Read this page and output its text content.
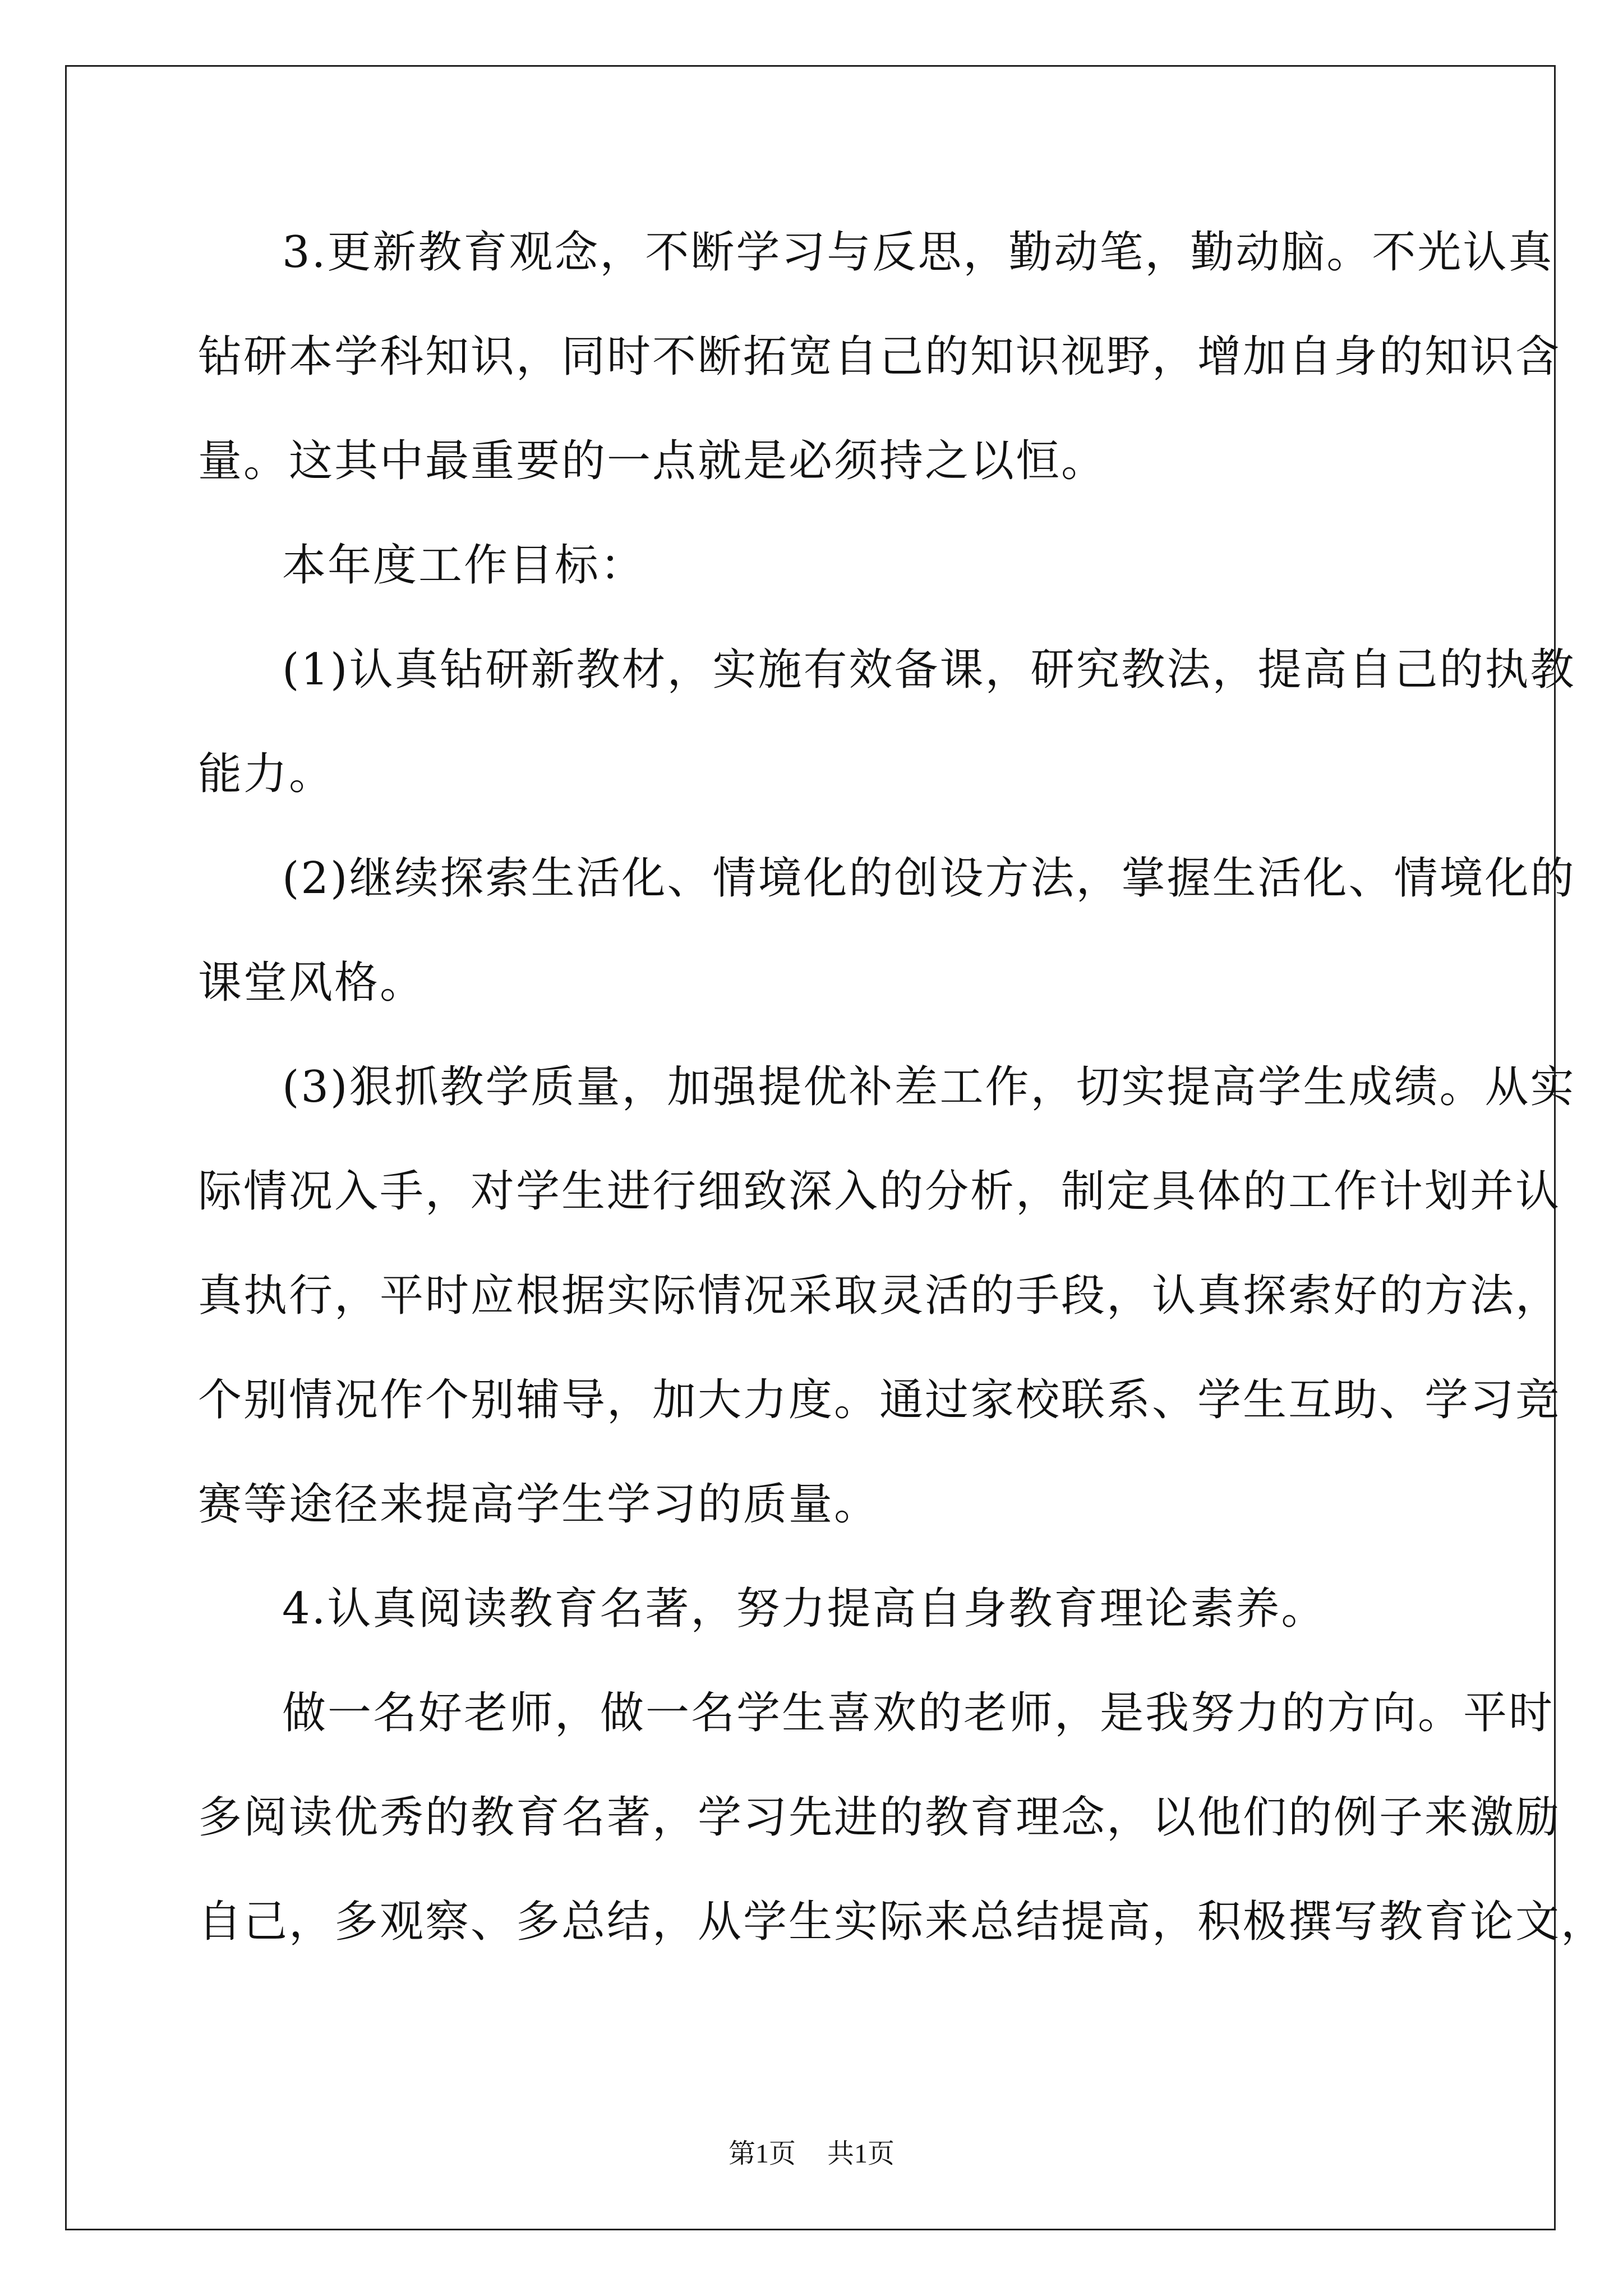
3.更新教育观念，不断学习与反思，勤动笔，勤动脑。不光认真
钻研本学科知识，同时不断拓宽自己的知识视野，增加自身的知识含
量。这其中最重要的一点就是必须持之以恒。
本年度工作目标：
(1)认真钻研新教材，实施有效备课，研究教法，提高自己的执教
能力。
(2)继续探索生活化、情境化的创设方法，掌握生活化、情境化的
课堂风格。
(3)狠抓教学质量，加强提优补差工作，切实提高学生成绩。从实
际情况入手，对学生进行细致深入的分析，制定具体的工作计划并认
真执行，平时应根据实际情况采取灵活的手段，认真探索好的方法，
个别情况作个别辅导，加大力度。通过家校联系、学生互助、学习竞
赛等途径来提高学生学习的质量。
4.认真阅读教育名著，努力提高自身教育理论素养。
做一名好老师，做一名学生喜欢的老师，是我努力的方向。平时
多阅读优秀的教育名著，学习先进的教育理念，以他们的例子来激励
自己，多观察、多总结，从学生实际来总结提高，积极撰写教育论文，
第1页 共1页
